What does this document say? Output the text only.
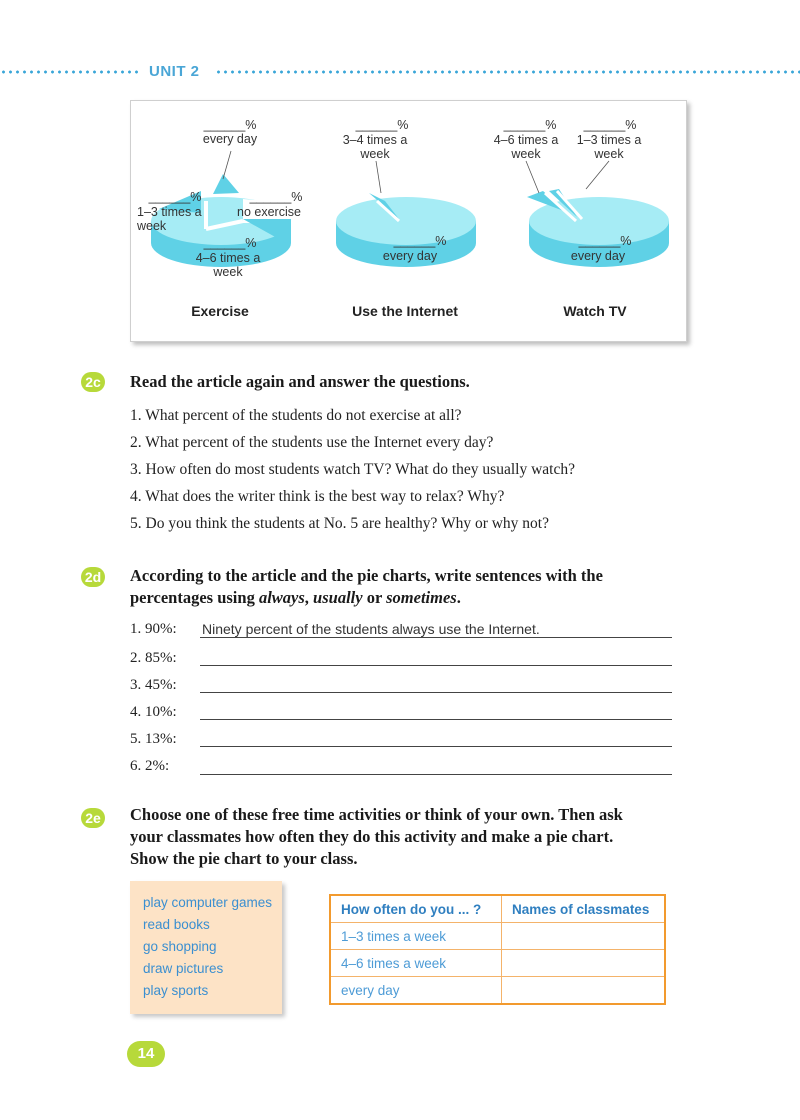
UNIT 2
______%
every day
______%
1–3 times a week
______%
no exercise
______%
4–6 times a week
______%
3–4 times a week
______%
every day
______%
4–6 times a week
______%
1–3 times a week
______%
every day
Exercise	Use the Internet	Watch TV
2c Read the article again and answer the questions.
1. What percent of the students do not exercise at all?
2. What percent of the students use the Internet every day?
3. How often do most students watch TV? What do they usually watch?
4. What does the writer think is the best way to relax? Why?
5. Do you think the students at No. 5 are healthy? Why or why not?
2d According to the article and the pie charts, write sentences with the
percentages using always, usually or sometimes.
1. 90%:	Ninety percent of the students always use the Internet.
2. 85%:
3. 45%:
4. 10%:
5. 13%:
6. 2%:
2e Choose one of these free time activities or think of your own. Then ask
your classmates how often they do this activity and make a pie chart.
Show the pie chart to your class.
play computer games
read books
go shopping
draw pictures
play sports
How often do you ... ?	Names of classmates
1–3 times a week	
4–6 times a week	
every day	
14
